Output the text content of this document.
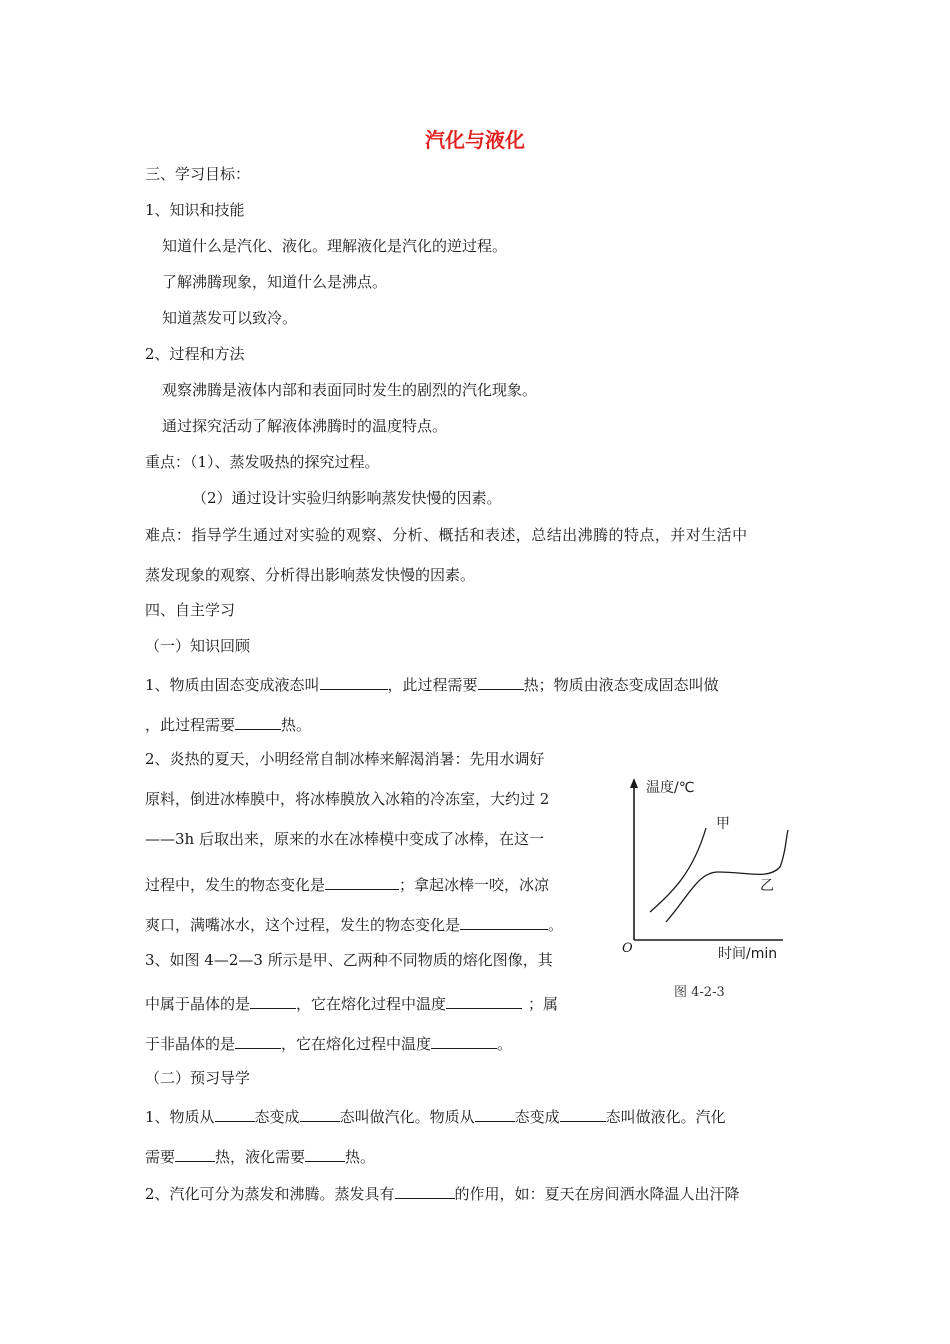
汽化与液化
三、学习目标：
1、知识和技能
知道什么是汽化、液化。理解液化是汽化的逆过程。
了解沸腾现象，知道什么是沸点。
知道蒸发可以致冷。
2、过程和方法
观察沸腾是液体内部和表面同时发生的剧烈的汽化现象。
通过探究活动了解液体沸腾时的温度特点。
重点：（1）、蒸发吸热的探究过程。
（2）通过设计实验归纳影响蒸发快慢的因素。
难点：指导学生通过对实验的观察、分析、概括和表述，总结出沸腾的特点，并对生活中
蒸发现象的观察、分析得出影响蒸发快慢的因素。
四、自主学习
（一）知识回顾
1、物质由固态变成液态叫	，此过程需要	热；物质由液态变成固态叫做
，此过程需要	热。
2、炎热的夏天，小明经常自制冰棒来解渴消暑：先用水调好
原料，倒进冰棒膜中，将冰棒膜放入冰箱的冷冻室，大约过 2
——3h 后取出来，原来的水在冰棒模中变成了冰棒，在这一
过程中，发生的物态变化是	；拿起冰棒一咬，冰凉
爽口，满嘴冰水，这个过程，发生的物态变化是	。
3、如图 4—2—3 所示是甲、乙两种不同物质的熔化图像，其
中属于晶体的是	，它在熔化过程中温度	；属
于非晶体的是	，它在熔化过程中温度	。
（二）预习导学
1、物质从	态变成	态叫做汽化。物质从	态变成	态叫做液化。汽化
需要	热，液化需要	热。
2、汽化可分为蒸发和沸腾。蒸发具有	的作用，如：夏天在房间洒水降温人出汗降
温度/℃
时间/min
O
甲
乙
图 4-2-3
